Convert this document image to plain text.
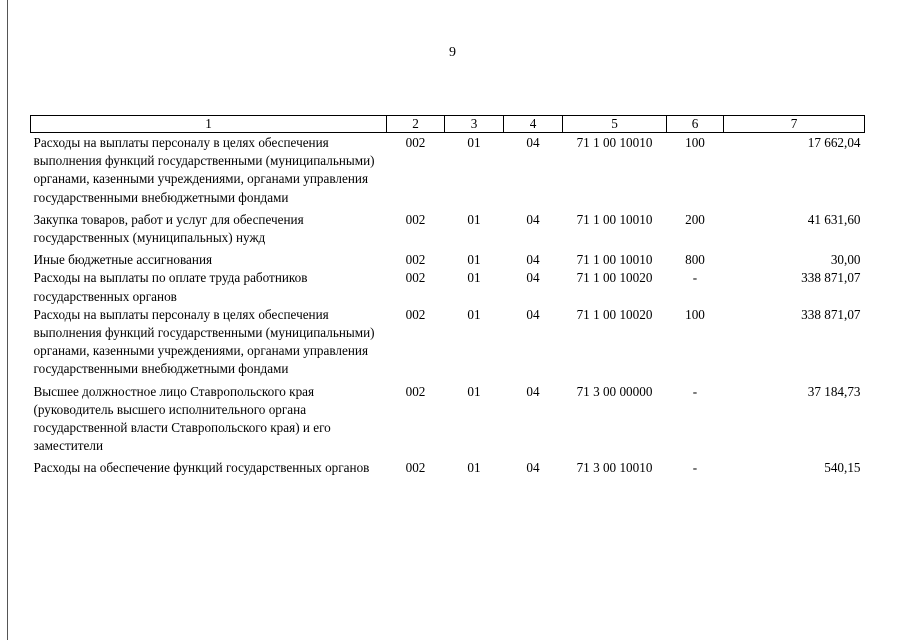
9
1	2	3	4	5	6	7
Расходы на выплаты персоналу в целях обеспечения выполнения функций государственными (муниципальными) органами, казенными учреждениями, органами управления государственными внебюджетными фондами	002	01	04	71 1 00 10010	100	17 662,04
Закупка товаров, работ и услуг для обеспечения государственных (муниципальных) нужд	002	01	04	71 1 00 10010	200	41 631,60
Иные бюджетные ассигнования	002	01	04	71 1 00 10010	800	30,00
Расходы на выплаты по оплате труда работников государственных органов	002	01	04	71 1 00 10020	-	338 871,07
Расходы на выплаты персоналу в целях обеспечения выполнения функций государственными (муниципальными) органами, казенными учреждениями, органами управления государственными внебюджетными фондами	002	01	04	71 1 00 10020	100	338 871,07
Высшее должностное лицо Ставропольского края (руководитель высшего исполнительного органа государственной власти Ставропольского края) и его заместители	002	01	04	71 3 00 00000	-	37 184,73
Расходы на обеспечение функций государственных органов	002	01	04	71 3 00 10010	-	540,15
